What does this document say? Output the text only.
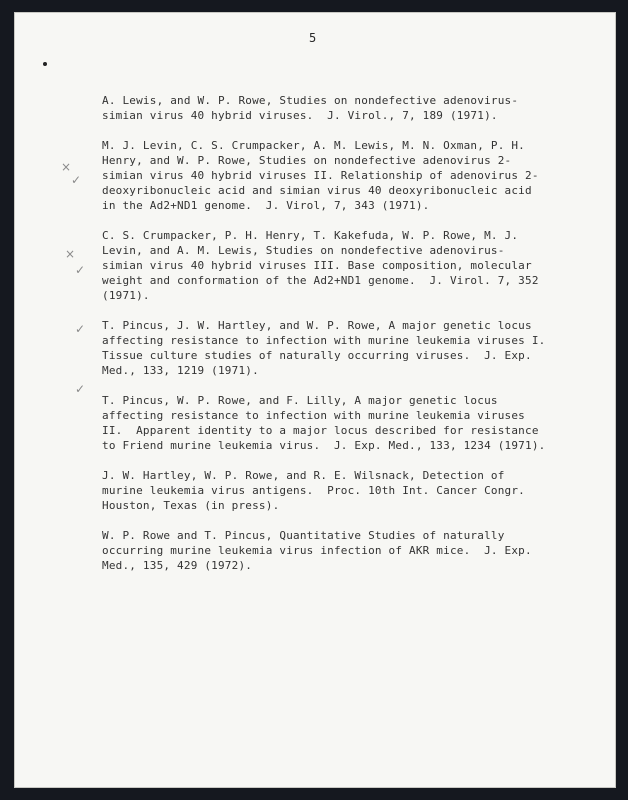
5
×
✓
×
✓
✓
✓
A. Lewis, and W. P. Rowe, Studies on nondefective adenovirus-
simian virus 40 hybrid viruses.  J. Virol., 7, 189 (1971).
M. J. Levin, C. S. Crumpacker, A. M. Lewis, M. N. Oxman, P. H.
Henry, and W. P. Rowe, Studies on nondefective adenovirus 2-
simian virus 40 hybrid viruses II. Relationship of adenovirus 2-
deoxyribonucleic acid and simian virus 40 deoxyribonucleic acid
in the Ad2+ND1 genome.  J. Virol, 7, 343 (1971).
C. S. Crumpacker, P. H. Henry, T. Kakefuda, W. P. Rowe, M. J.
Levin, and A. M. Lewis, Studies on nondefective adenovirus-
simian virus 40 hybrid viruses III. Base composition, molecular
weight and conformation of the Ad2+ND1 genome.  J. Virol. 7, 352
(1971).
T. Pincus, J. W. Hartley, and W. P. Rowe, A major genetic locus
affecting resistance to infection with murine leukemia viruses I.
Tissue culture studies of naturally occurring viruses.  J. Exp.
Med., 133, 1219 (1971).
T. Pincus, W. P. Rowe, and F. Lilly, A major genetic locus
affecting resistance to infection with murine leukemia viruses
II.  Apparent identity to a major locus described for resistance
to Friend murine leukemia virus.  J. Exp. Med., 133, 1234 (1971).
J. W. Hartley, W. P. Rowe, and R. E. Wilsnack, Detection of
murine leukemia virus antigens.  Proc. 10th Int. Cancer Congr.
Houston, Texas (in press).
W. P. Rowe and T. Pincus, Quantitative Studies of naturally
occurring murine leukemia virus infection of AKR mice.  J. Exp.
Med., 135, 429 (1972).
